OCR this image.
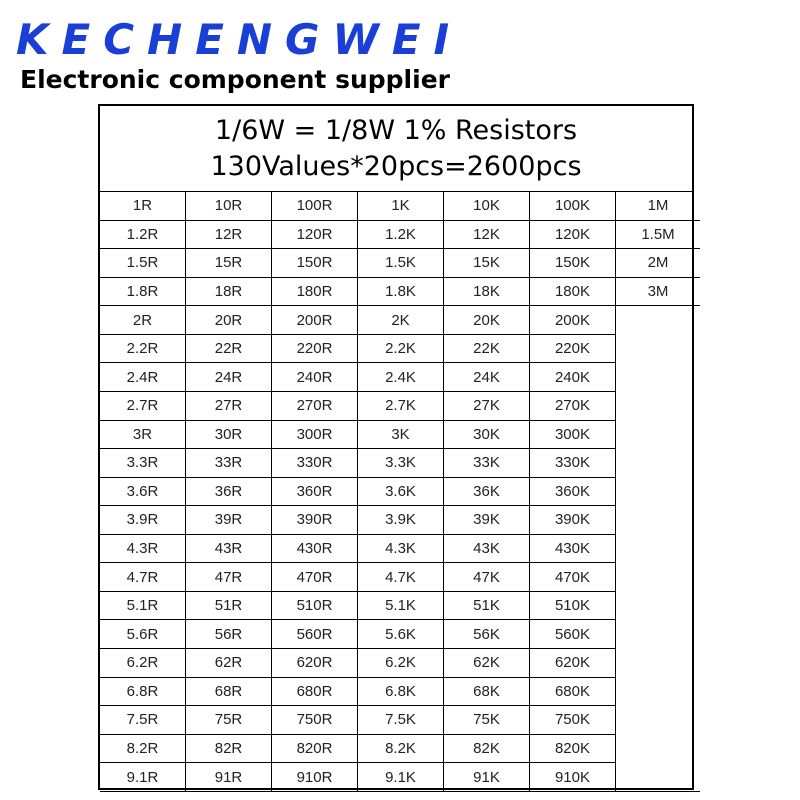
KECHENGWEI
Electronic component supplier
1/6W = 1/8W 1% Resistors
130Values*20pcs=2600pcs
1R	10R	100R	1K	10K	100K	1M
1.2R	12R	120R	1.2K	12K	120K	1.5M
1.5R	15R	150R	1.5K	15K	150K	2M
1.8R	18R	180R	1.8K	18K	180K	3M
2R	20R	200R	2K	20K	200K
2.2R	22R	220R	2.2K	22K	220K
2.4R	24R	240R	2.4K	24K	240K
2.7R	27R	270R	2.7K	27K	270K
3R	30R	300R	3K	30K	300K
3.3R	33R	330R	3.3K	33K	330K
3.6R	36R	360R	3.6K	36K	360K
3.9R	39R	390R	3.9K	39K	390K
4.3R	43R	430R	4.3K	43K	430K
4.7R	47R	470R	4.7K	47K	470K
5.1R	51R	510R	5.1K	51K	510K
5.6R	56R	560R	5.6K	56K	560K
6.2R	62R	620R	6.2K	62K	620K
6.8R	68R	680R	6.8K	68K	680K
7.5R	75R	750R	7.5K	75K	750K
8.2R	82R	820R	8.2K	82K	820K
9.1R	91R	910R	9.1K	91K	910K
